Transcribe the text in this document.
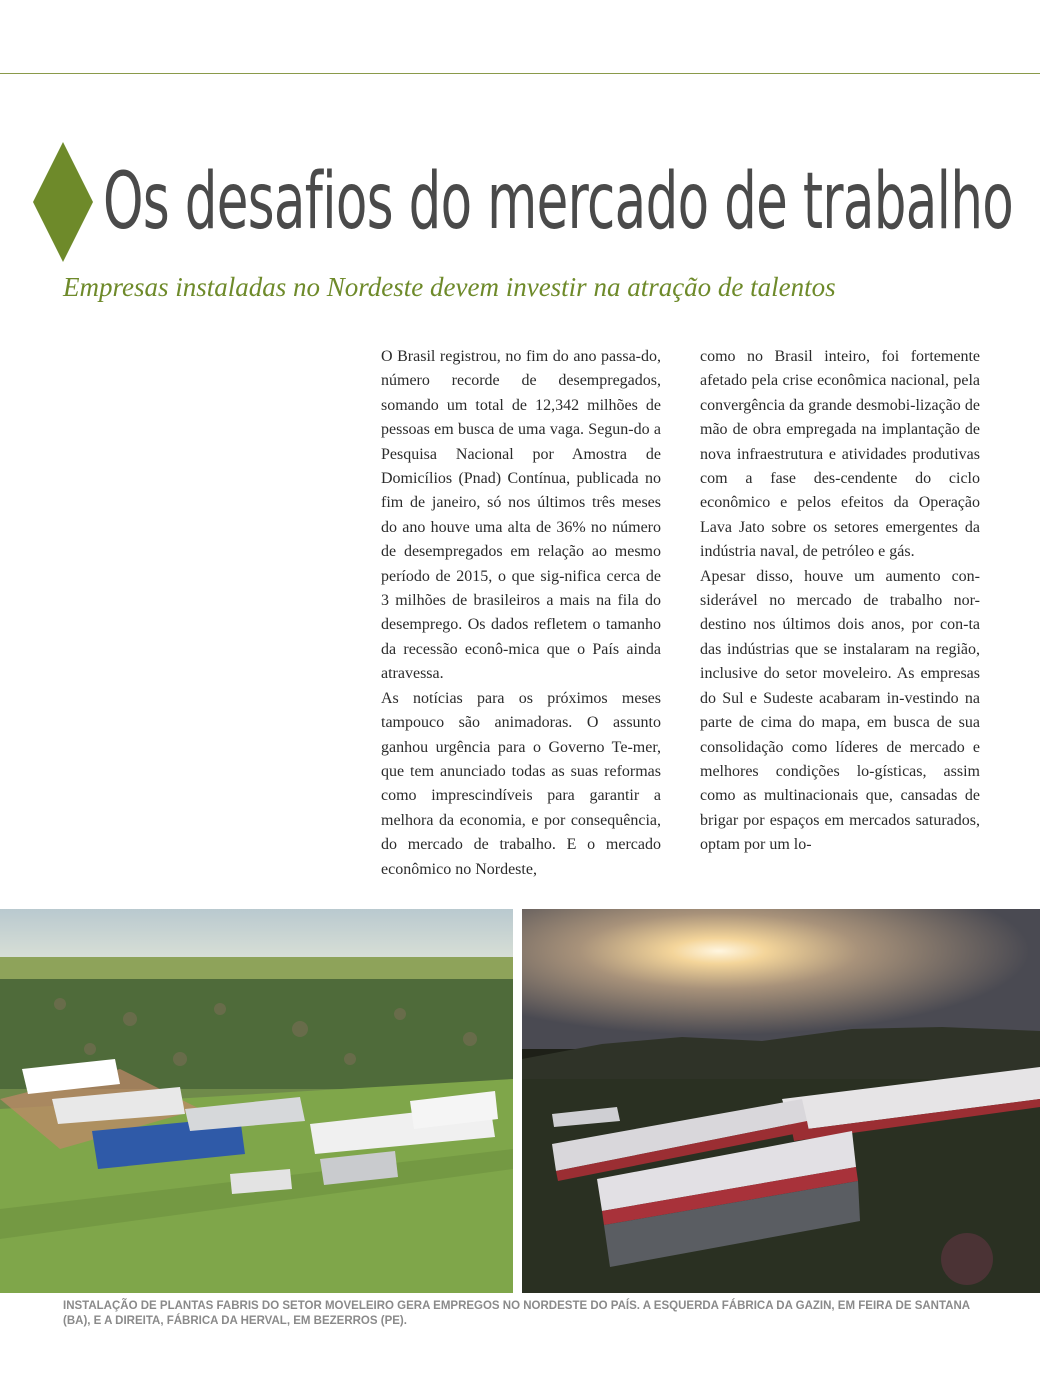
Os desafios do mercado de trabalho
Empresas instaladas no Nordeste devem investir na atração de talentos

O Brasil registrou, no fim do ano passa-do, número recorde de desempregados, somando um total de 12,342 milhões de pessoas em busca de uma vaga. Segun-do a Pesquisa Nacional por Amostra de Domicílios (Pnad) Contínua, publicada no fim de janeiro, só nos últimos três meses do ano houve uma alta de 36% no número de desempregados em relação ao mesmo período de 2015, o que sig-nifica cerca de 3 milhões de brasileiros a mais na fila do desemprego. Os dados refletem o tamanho da recessão econô-mica que o País ainda atravessa.

As notícias para os próximos meses tampouco são animadoras. O assunto ganhou urgência para o Governo Te-mer, que tem anunciado todas as suas reformas como imprescindíveis para garantir a melhora da economia, e por consequência, do mercado de trabalho. E o mercado econômico no Nordeste,

como no Brasil inteiro, foi fortemente afetado pela crise econômica nacional, pela convergência da grande desmobi-lização de mão de obra empregada na implantação de nova infraestrutura e atividades produtivas com a fase des-cendente do ciclo econômico e pelos efeitos da Operação Lava Jato sobre os setores emergentes da indústria naval, de petróleo e gás.

Apesar disso, houve um aumento con-siderável no mercado de trabalho nor-destino nos últimos dois anos, por con-ta das indústrias que se instalaram na região, inclusive do setor moveleiro. As empresas do Sul e Sudeste acabaram in-vestindo na parte de cima do mapa, em busca de sua consolidação como líderes de mercado e melhores condições lo-gísticas, assim como as multinacionais que, cansadas de brigar por espaços em mercados saturados, optam por um lo-

INSTALAÇÃO DE PLANTAS FABRIS DO SETOR MOVELEIRO GERA EMPREGOS NO NORDESTE DO PAÍS. A ESQUERDA FÁBRICA DA GAZIN, EM FEIRA DE SANTANA (BA), E A DIREITA, FÁBRICA DA HERVAL, EM BEZERROS (PE).
